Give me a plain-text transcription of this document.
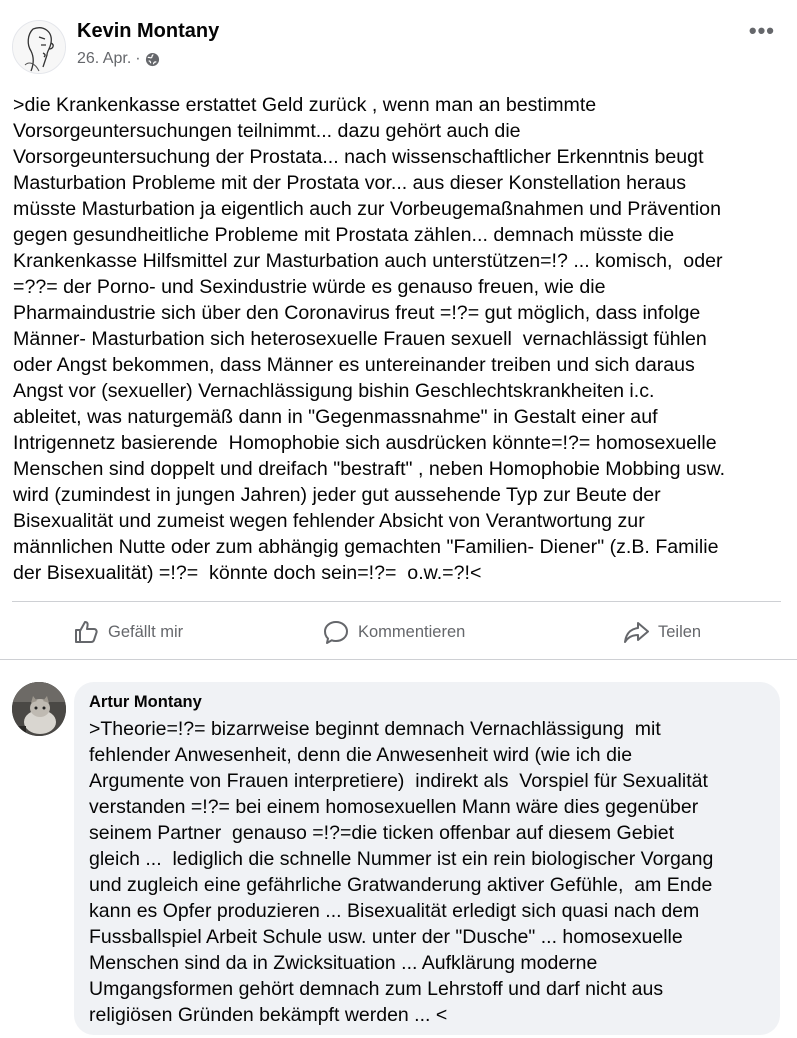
Kevin Montany
26. Apr. ·
•••
>die Krankenkasse erstattet Geld zurück , wenn man an bestimmte
Vorsorgeuntersuchungen teilnimmt... dazu gehört auch die
Vorsorgeuntersuchung der Prostata... nach wissenschaftlicher Erkenntnis beugt
Masturbation Probleme mit der Prostata vor... aus dieser Konstellation heraus
müsste Masturbation ja eigentlich auch zur Vorbeugemaßnahmen und Prävention
gegen gesundheitliche Probleme mit Prostata zählen... demnach müsste die
Krankenkasse Hilfsmittel zur Masturbation auch unterstützen=!? ... komisch,  oder
=??= der Porno- und Sexindustrie würde es genauso freuen, wie die
Pharmaindustrie sich über den Coronavirus freut =!?= gut möglich, dass infolge
Männer- Masturbation sich heterosexuelle Frauen sexuell  vernachlässigt fühlen
oder Angst bekommen, dass Männer es untereinander treiben und sich daraus
Angst vor (sexueller) Vernachlässigung bishin Geschlechtskrankheiten i.c.
ableitet, was naturgemäß dann in "Gegenmassnahme" in Gestalt einer auf
Intrigennetz basierende  Homophobie sich ausdrücken könnte=!?= homosexuelle
Menschen sind doppelt und dreifach "bestraft" , neben Homophobie Mobbing usw.
wird (zumindest in jungen Jahren) jeder gut aussehende Typ zur Beute der
Bisexualität und zumeist wegen fehlender Absicht von Verantwortung zur
männlichen Nutte oder zum abhängig gemachten "Familien- Diener" (z.B. Familie
der Bisexualität) =!?=  könnte doch sein=!?=  o.w.=?!<
Gefällt mir	Kommentieren	Teilen
Artur Montany
>Theorie=!?= bizarrweise beginnt demnach Vernachlässigung  mit
fehlender Anwesenheit, denn die Anwesenheit wird (wie ich die
Argumente von Frauen interpretiere)  indirekt als  Vorspiel für Sexualität
verstanden =!?= bei einem homosexuellen Mann wäre dies gegenüber
seinem Partner  genauso =!?=die ticken offenbar auf diesem Gebiet
gleich ...  lediglich die schnelle Nummer ist ein rein biologischer Vorgang
und zugleich eine gefährliche Gratwanderung aktiver Gefühle,  am Ende
kann es Opfer produzieren ... Bisexualität erledigt sich quasi nach dem
Fussballspiel Arbeit Schule usw. unter der "Dusche" ... homosexuelle
Menschen sind da in Zwicksituation ... Aufklärung moderne
Umgangsformen gehört demnach zum Lehrstoff und darf nicht aus
religiösen Gründen bekämpft werden ... <
